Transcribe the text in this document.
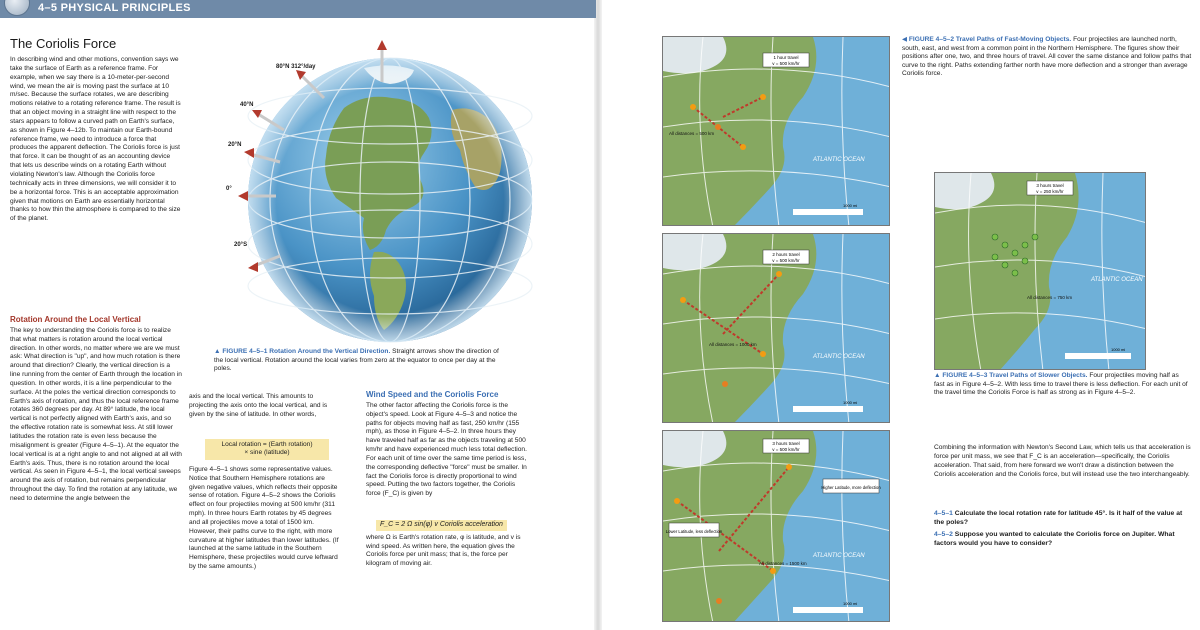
4–5 PHYSICAL PRINCIPLES
The Coriolis Force

In describing wind and other motions, convention says we take the surface of Earth as a reference frame. For example, when we say there is a 10-meter-per-second wind, we mean the air is moving past the surface at 10 m/sec. Because the surface rotates, we are describing motions relative to a rotating reference frame. The result is that an object moving in a straight line with respect to the stars appears to follow a curved path on Earth's surface, as shown in Figure 4–12b. To maintain our Earth-bound reference frame, we need to introduce a force that produces the apparent deflection. The Coriolis force is just that force. It can be thought of as an accounting device that lets us describe winds on a rotating Earth without violating Newton's law. Although the Coriolis force technically acts in three dimensions, we will consider it to be a horizontal force. This is an acceptable approximation given that motions on Earth are essentially horizontal thanks to how thin the atmosphere is compared to the size of the planet.

Rotation Around the Local Vertical

The key to understanding the Coriolis force is to realize that what matters is rotation around the local vertical direction. In other words, no matter where we are we must ask: What direction is "up", and how much rotation is there around that direction? Clearly, the vertical direction is a line running from the center of Earth through the location in question. In other words, it is a line perpendicular to the surface. At the poles the vertical direction corresponds to Earth's axis of rotation, and thus the local reference frame rotates 360 degrees per day. At 89° latitude, the local vertical is not perfectly aligned with Earth's axis, and so the effective rotation rate is somewhat less. At still lower latitudes the rotation rate is even less because the misalignment is greater (Figure 4–5–1). At the equator the local vertical is at a right angle to and not aligned at all with Earth's axis. Thus, there is no rotation around the local vertical. As seen in Figure 4–5–1, the local vertical sweeps around the axis of rotation, but remains perpendicular throughout the day. To find the rotation at any latitude, we need to determine the angle between the

North pole: 360°/day
80°N 312°/day
40°N
20°N
0°
20°S
▲ FIGURE 4–5–1 Rotation Around the Vertical Direction. Straight arrows show the direction of the local vertical. Rotation around the local varies from zero at the equator to once per day at the poles.

axis and the local vertical. This amounts to projecting the axis onto the local vertical, and is given by the sine of latitude. In other words,

Local rotation = (Earth rotation)
× sine (latitude)

Figure 4–5–1 shows some representative values. Notice that Southern Hemisphere rotations are given negative values, which reflects their opposite sense of rotation. Figure 4–5–2 shows the Coriolis effect on four projectiles moving at 500 km/hr (311 mph). In three hours Earth rotates by 45 degrees and all projectiles move a total of 1500 km. However, their paths curve to the right, with more curvature at higher latitudes than lower latitudes. (If launched at the same latitude in the Southern Hemisphere, these projectiles would curve leftward by the same amounts.)

Wind Speed and the Coriolis Force

The other factor affecting the Coriolis force is the object's speed. Look at Figure 4–5–3 and notice the paths for objects moving half as fast, 250 km/hr (155 mph), as those in Figure 4–5–2. In three hours they have traveled half as far as the objects traveling at 500 km/hr and have experienced much less total deflection. For each unit of time over the same time period is less, the corresponding deflective "force" must be smaller. In fact the Coriolis force is directly proportional to wind speed. Putting the two factors together, the Coriolis force (F_C) is given by

F_C = 2 Ω sin(φ) v Coriolis acceleration

where Ω is Earth's rotation rate, φ is latitude, and v is wind speed. As written here, the equation gives the Coriolis force per unit mass; that is, the force per kilogram of moving air.

1 hour travel
v = 500 km/hr
All distances = 500 km
ATLANTIC OCEAN
1000 mi
2 hours travel
v = 500 km/hr
All distances = 1000 km
ATLANTIC OCEAN
1000 mi
3 hours travel
v = 500 km/hr
Higher Latitude, more deflection
Lower Latitude, less deflection
All distances = 1500 km
ATLANTIC OCEAN
1000 mi
3 hours travel
v = 250 km/hr
All distances = 750 km
ATLANTIC OCEAN
1000 mi
◀ FIGURE 4–5–2 Travel Paths of Fast-Moving Objects. Four projectiles are launched north, south, east, and west from a common point in the Northern Hemisphere. The figures show their positions after one, two, and three hours of travel. All cover the same distance and follow paths that curve to the right. Paths extending farther north have more deflection and a stronger than average Coriolis force.
▲ FIGURE 4–5–3 Travel Paths of Slower Objects. Four projectiles moving half as fast as in Figure 4–5–2. With less time to travel there is less deflection. For each unit of the travel time the Coriolis Force is half as strong as in Figure 4–5–2.

Combining the information with Newton's Second Law, which tells us that acceleration is force per unit mass, we see that F_C is an acceleration—specifically, the Coriolis acceleration. That said, from here forward we won't draw a distinction between the Coriolis acceleration and the Coriolis force, but will instead use the two interchangeably.

4–5–1 Calculate the local rotation rate for latitude 45°. Is it half of the value at the poles?
4–5–2 Suppose you wanted to calculate the Coriolis force on Jupiter. What factors would you have to consider?
